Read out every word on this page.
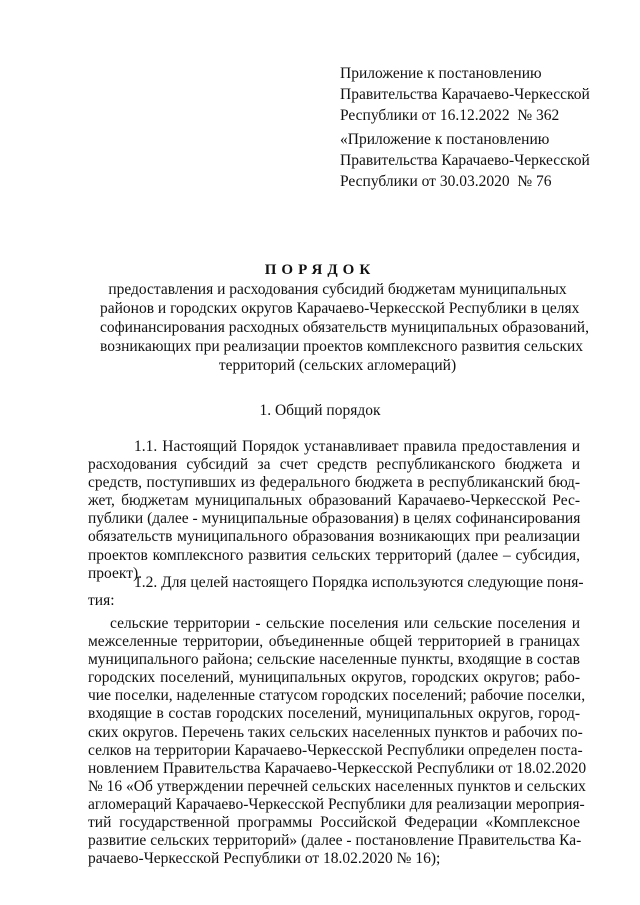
Приложение к постановлению
Правительства Карачаево-Черкесской
Республики от 16.12.2022  № 362
«Приложение к постановлению
Правительства Карачаево-Черкесской
Республики от 30.03.2020  № 76
ПОРЯДОК
предоставления и расходования субсидий бюджетам муниципальных
районов и городских округов Карачаево-Черкесской Республики в целях
софинансирования расходных обязательств муниципальных образований,
возникающих при реализации проектов комплексного развития сельских
территорий (сельских агломераций)
1. Общий порядок
1.1. Настоящий Порядок устанавливает правила предоставления и
расходования субсидий за счет средств республиканского бюджета и
средств, поступивших из федерального бюджета в республиканский бюд-
жет, бюджетам муниципальных образований Карачаево-Черкесской Рес-
публики (далее - муниципальные образования) в целях софинансирования
обязательств муниципального образования возникающих при реализации
проектов комплексного развития сельских территорий (далее – субсидия,
проект).
1.2. Для целей настоящего Порядка используются следующие поня-
тия:
сельские территории - сельские поселения или сельские поселения и
межселенные территории, объединенные общей территорией в границах
муниципального района; сельские населенные пункты, входящие в состав
городских поселений, муниципальных округов, городских округов; рабо-
чие поселки, наделенные статусом городских поселений; рабочие поселки,
входящие в состав городских поселений, муниципальных округов, город-
ских округов. Перечень таких сельских населенных пунктов и рабочих по-
селков на территории Карачаево-Черкесской Республики определен поста-
новлением Правительства Карачаево-Черкесской Республики от 18.02.2020
№ 16 «Об утверждении перечней сельских населенных пунктов и сельских
агломераций Карачаево-Черкесской Республики для реализации мероприя-
тий государственной программы Российской Федерации «Комплексное
развитие сельских территорий» (далее - постановление Правительства Ка-
рачаево-Черкесской Республики от 18.02.2020 № 16);
